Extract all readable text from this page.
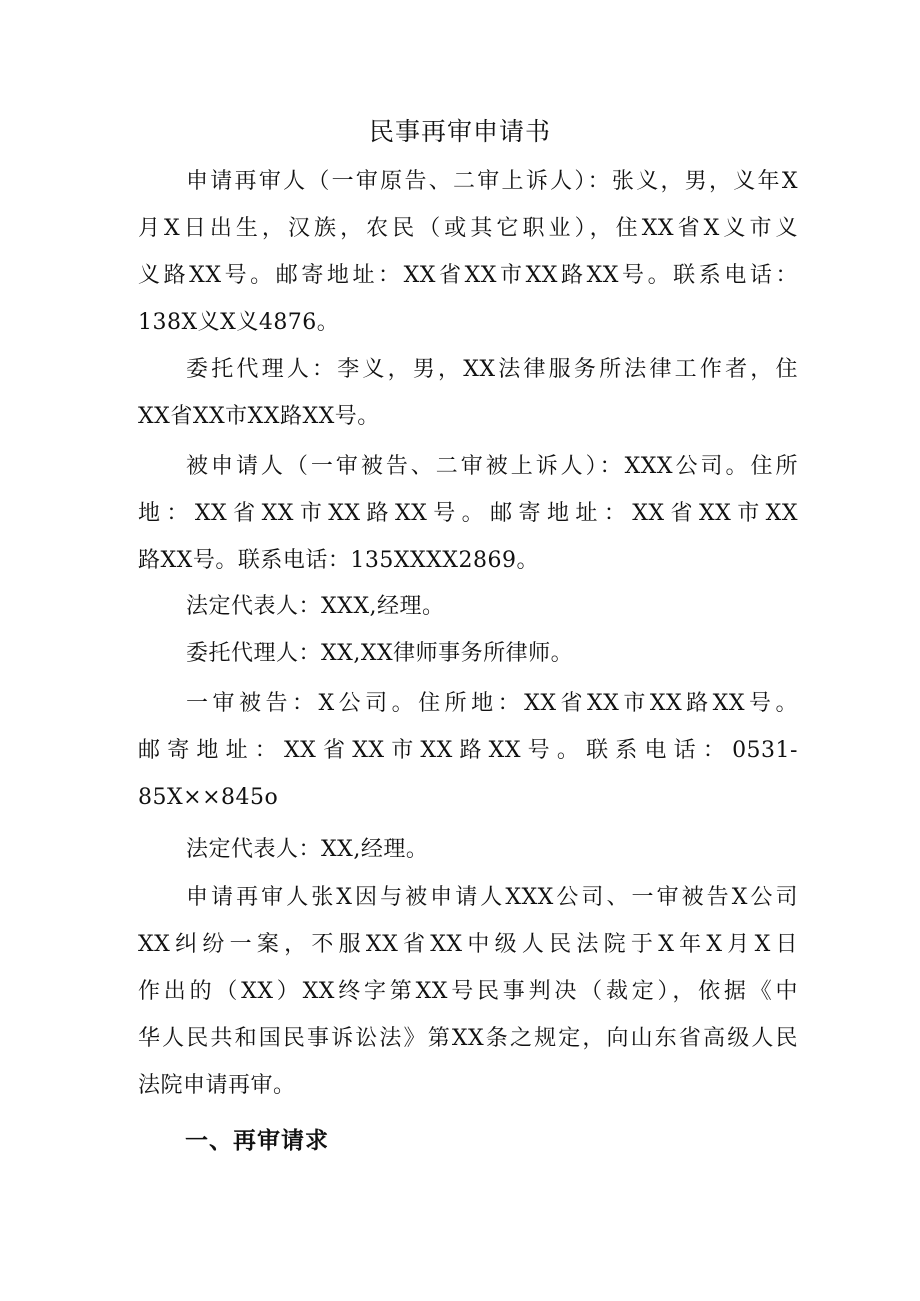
民事再审申请书
申请再审人（一审原告、二审上诉人）：张义，男，义年X
月X日出生，汉族，农民（或其它职业），住XX省X义市义
义路XX号。邮寄地址：XX省XX市XX路XX号。联系电话：
138X义X义4876。
委托代理人：李义，男，XX法律服务所法律工作者，住
XX省XX市XX路XX号。
被申请人（一审被告、二审被上诉人）：XXX公司。住所
地：XX省XX市XX路XX号。邮寄地址：XX省XX市XX
路XX号。联系电话：135XXXX2869。
法定代表人：XXX,经理。
委托代理人：XX,XX律师事务所律师。
一审被告：X公司。住所地：XX省XX市XX路XX号。
邮寄地址：XX省XX市XX路XX号。联系电话：0531-
85X××845o
法定代表人：XX,经理。
申请再审人张X因与被申请人XXX公司、一审被告X公司
XX纠纷一案，不服XX省XX中级人民法院于X年X月X日
作出的（XX）XX终字第XX号民事判决（裁定），依据《中
华人民共和国民事诉讼法》第XX条之规定，向山东省高级人民
法院申请再审。
一、再审请求
